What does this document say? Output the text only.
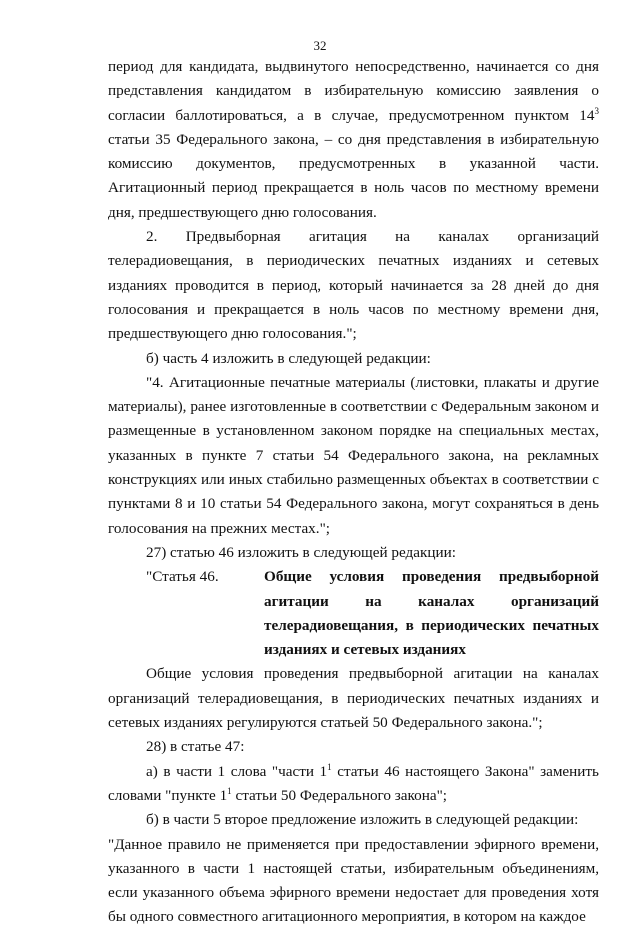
32

период для кандидата, выдвинутого непосредственно, начинается со дня представления кандидатом в избирательную комиссию заявления о согласии баллотироваться, а в случае, предусмотренном пунктом $14^3$ статьи 35 Федерального закона, – со дня представления в избирательную комиссию документов, предусмотренных в указанной части. Агитационный период прекращается в ноль часов по местному времени дня, предшествующего дню голосования.

2. Предвыборная агитация на каналах организаций телерадиовещания, в периодических печатных изданиях и сетевых изданиях проводится в период, который начинается за 28 дней до дня голосования и прекращается в ноль часов по местному времени дня, предшествующего дню голосования.";

б) часть 4 изложить в следующей редакции:

"4. Агитационные печатные материалы (листовки, плакаты и другие материалы), ранее изготовленные в соответствии с Федеральным законом и размещенные в установленном законом порядке на специальных местах, указанных в пункте 7 статьи 54 Федерального закона, на рекламных конструкциях или иных стабильно размещенных объектах в соответствии с пунктами 8 и 10 статьи 54 Федерального закона, могут сохраняться в день голосования на прежних местах.";

27) статью 46 изложить в следующей редакции:

"Статья 46.	Общие условия проведения предвыборной агитации на каналах организаций телерадиовещания, в периодических печатных изданиях и сетевых изданиях

Общие условия проведения предвыборной агитации на каналах организаций телерадиовещания, в периодических печатных изданиях и сетевых изданиях регулируются статьей 50 Федерального закона.";

28) в статье 47:

а) в части 1 слова "части $1^1$ статьи 46 настоящего Закона" заменить словами "пункте $1^1$ статьи 50 Федерального закона";

б) в части 5 второе предложение изложить в следующей редакции:

"Данное правило не применяется при предоставлении эфирного времени, указанного в части 1 настоящей статьи, избирательным объединениям, если указанного объема эфирного времени недостает для проведения хотя бы одного совместного агитационного мероприятия, в котором на каждое
